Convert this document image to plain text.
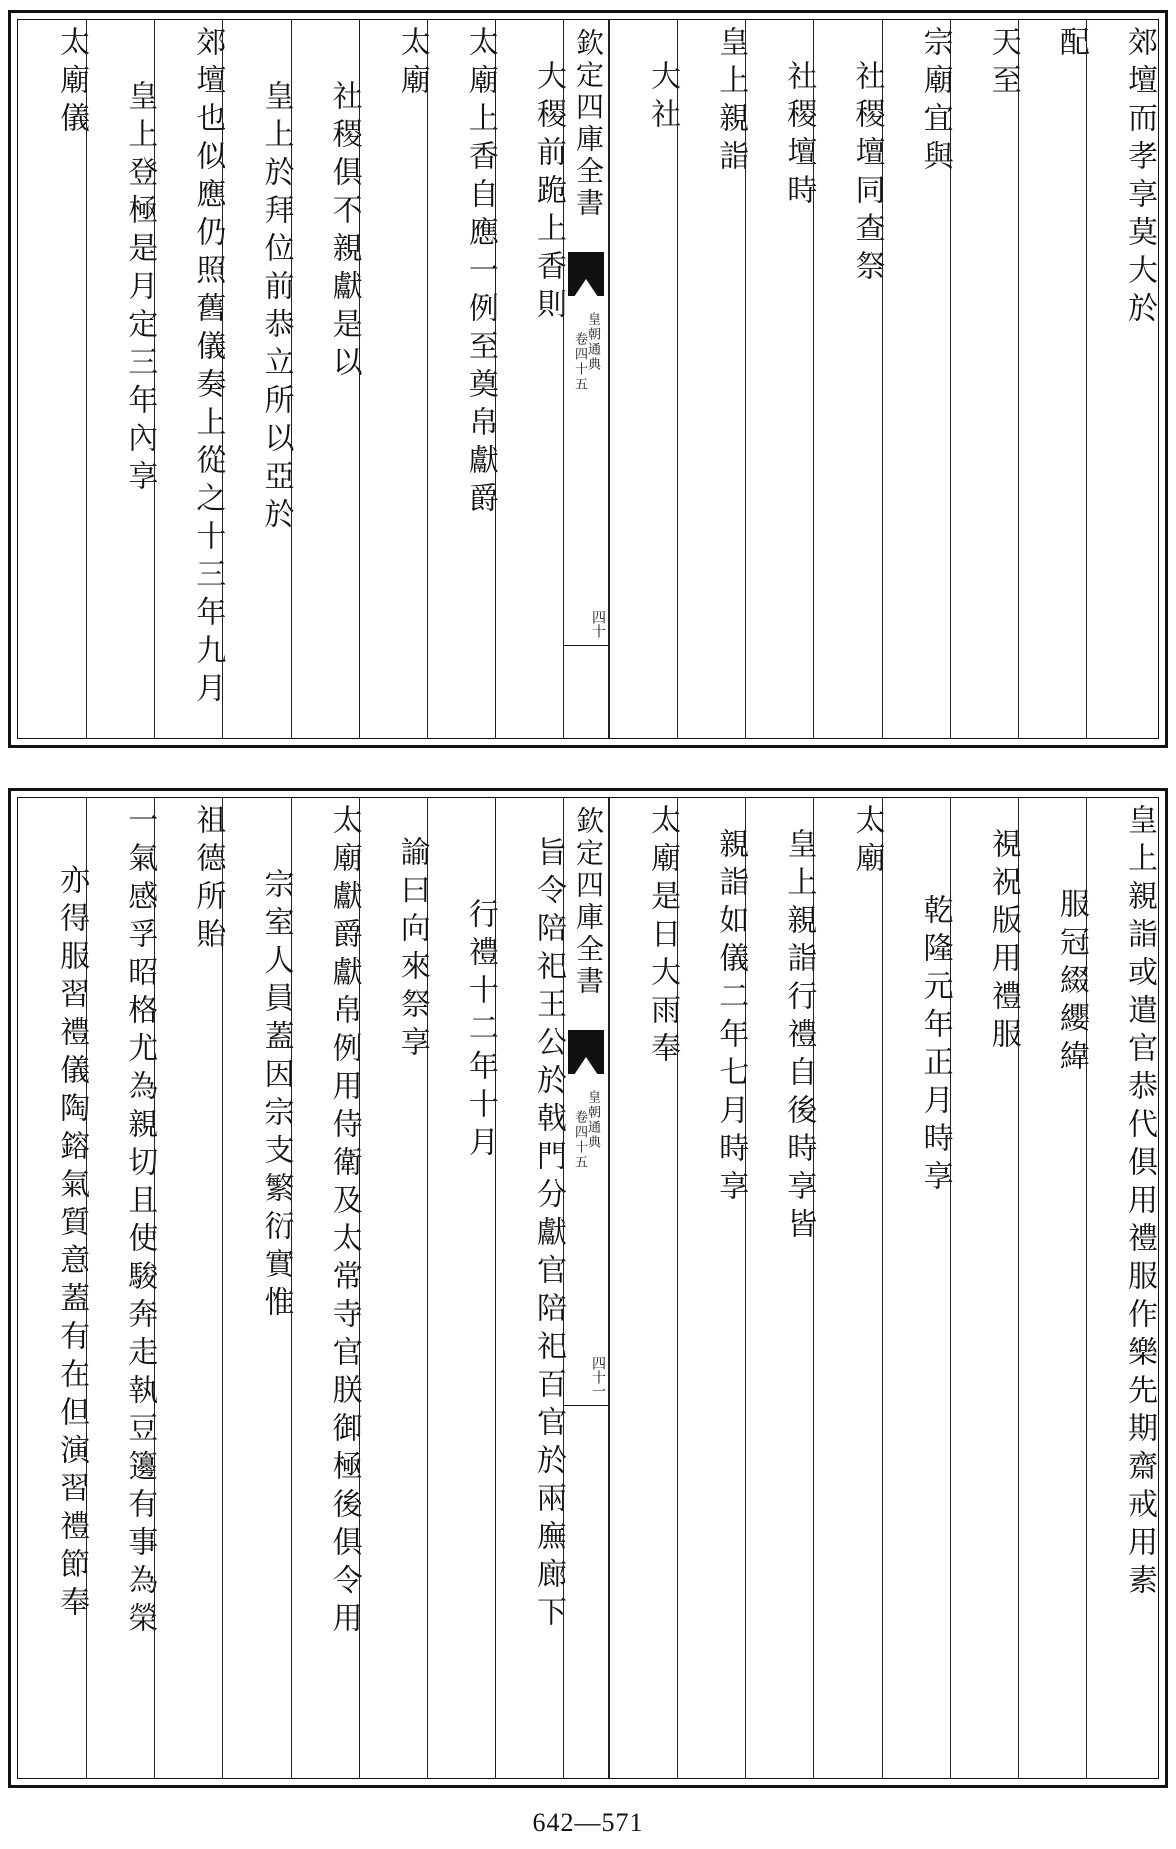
太廟儀	皇上登極是月定三年內享	郊壇也似應仍照舊儀奏上從之十三年九月	皇上於拜位前恭立所以亞於	社稷俱不親獻是以
太廟	太廟上香自應一例至奠帛獻爵	大稷前跪上香則 欽定四庫全書
皇朝通典
卷四十五
四十
大社	皇上親詣	社稷壇時	社稷壇同查祭	宗廟宜與	天至	配	郊壇而孝享莫大於
亦得服習禮儀陶鎔氣質意蓋有在但演習禮節奉	一氣感孚昭格尤為親切且使駿奔走執豆籩有事為榮	祖德所貽	宗室人員蓋因宗支繁衍實惟	太廟獻爵獻帛例用侍衛及太常寺官朕御極後俱令用	諭曰向來祭享	行禮十二年十月	旨令陪祀王公於戟門分獻官陪祀百官於兩廡廊下 欽定四庫全書
皇朝通典
卷四十五
四十一
太廟是日大雨奉	親詣如儀二年七月時享	皇上親詣行禮自後時享皆	太廟
乾隆元年正月時享	視祝版用禮服	服冠綴纓緯	皇上親詣或遣官恭代俱用禮服作樂先期齋戒用素
642—571
